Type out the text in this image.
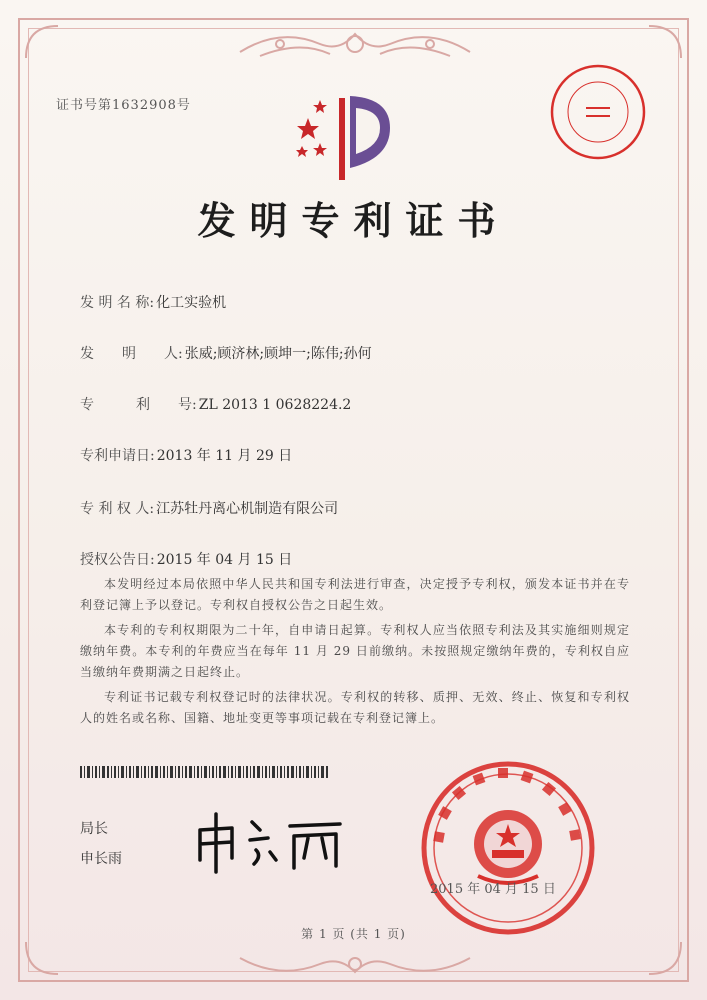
证书号第1632908号
发明专利证书
发 明 名 称: 化工实验机
发　　明　　人: 张威;顾济林;顾坤一;陈伟;孙何
专　　　利　　号: ZL 2013 1 0628224.2
专利申请日: 2013 年 11 月 29 日
专 利 权 人: 江苏牡丹离心机制造有限公司
授权公告日: 2015 年 04 月 15 日

本发明经过本局依照中华人民共和国专利法进行审查，决定授予专利权，颁发本证书并在专利登记簿上予以登记。专利权自授权公告之日起生效。

本专利的专利权期限为二十年，自申请日起算。专利权人应当依照专利法及其实施细则规定缴纳年费。本专利的年费应当在每年 11 月 29 日前缴纳。未按照规定缴纳年费的，专利权自应当缴纳年费期满之日起终止。

专利证书记载专利权登记时的法律状况。专利权的转移、质押、无效、终止、恢复和专利权人的姓名或名称、国籍、地址变更等事项记载在专利登记簿上。

局长
申长雨
2015 年 04 月 15 日
第 1 页 (共 1 页)
